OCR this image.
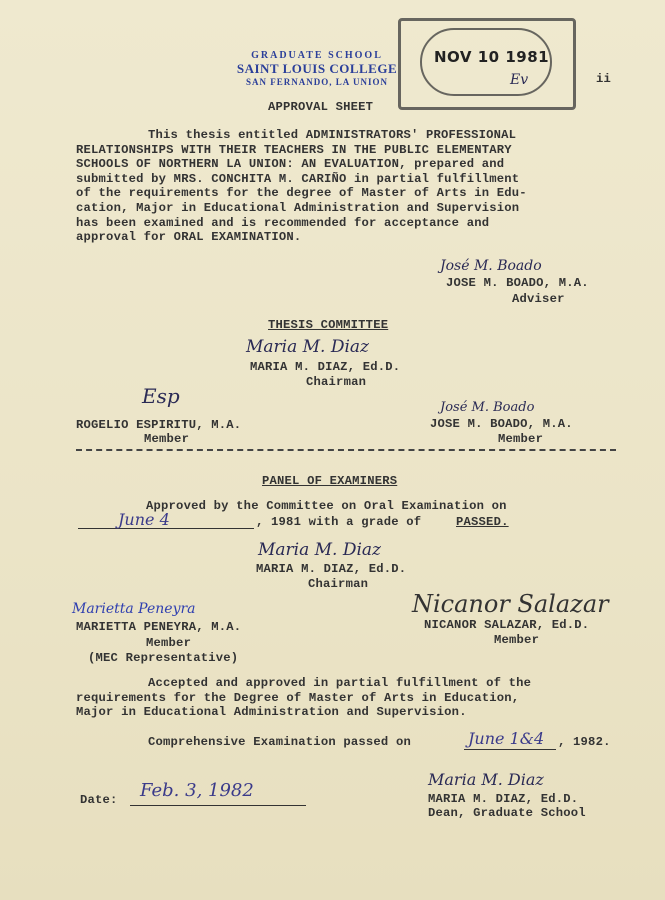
GRADUATE SCHOOL
SAINT LOUIS COLLEGE
SAN FERNANDO, LA UNION
NOV 10 1981
Ev	ii
APPROVAL SHEET
This thesis entitled ADMINISTRATORS' PROFESSIONAL
RELATIONSHIPS WITH THEIR TEACHERS IN THE PUBLIC ELEMENTARY
SCHOOLS OF NORTHERN LA UNION: AN EVALUATION, prepared and
submitted by MRS. CONCHITA M. CARIÑO in partial fulfillment
of the requirements for the degree of Master of Arts in Edu-
cation, Major in Educational Administration and Supervision
has been examined and is recommended for acceptance and
approval for ORAL EXAMINATION.
José M. Boado
JOSE M. BOADO, M.A.
Adviser
THESIS COMMITTEE
Maria M. Diaz
MARIA M. DIAZ, Ed.D.
Chairman
Esp
ROGELIO ESPIRITU, M.A.
Member
José M. Boado
JOSE M. BOADO, M.A.
Member
PANEL OF EXAMINERS
Approved by the Committee on Oral Examination on
June 4	, 1981 with a grade of	PASSED.
Maria M. Diaz
MARIA M. DIAZ, Ed.D.
Chairman
Marietta Peneyra
MARIETTA PENEYRA, M.A.
Member
(MEC Representative)
Nicanor Salazar
NICANOR SALAZAR, Ed.D.
Member
Accepted and approved in partial fulfillment of the
requirements for the Degree of Master of Arts in Education,
Major in Educational Administration and Supervision.
Comprehensive Examination passed on	June 1&4 , 1982.
Date: Feb. 3, 1982
Maria M. Diaz
MARIA M. DIAZ, Ed.D.
Dean, Graduate School
